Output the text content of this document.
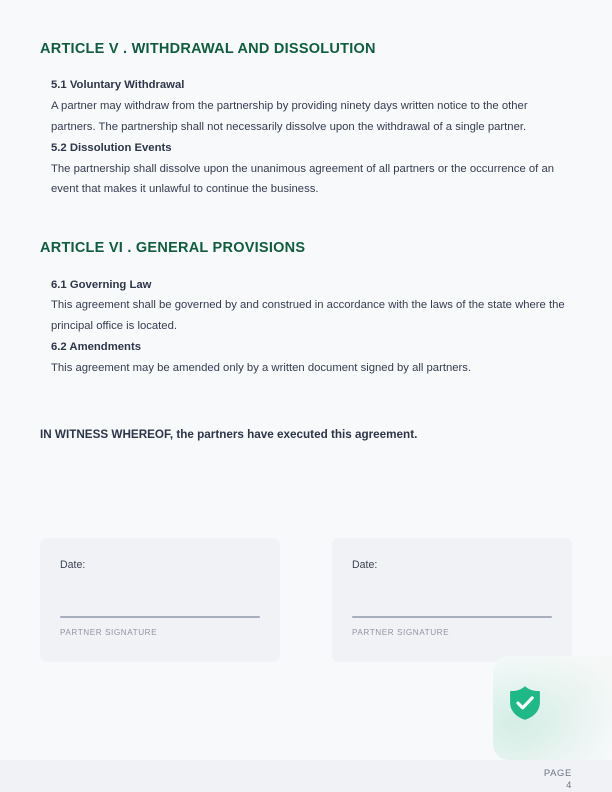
ARTICLE V . WITHDRAWAL AND DISSOLUTION

5.1 Voluntary Withdrawal

A partner may withdraw from the partnership by providing ninety days written notice to the other partners. The partnership shall not necessarily dissolve upon the withdrawal of a single partner.

5.2 Dissolution Events

The partnership shall dissolve upon the unanimous agreement of all partners or the occurrence of an event that makes it unlawful to continue the business.

ARTICLE VI . GENERAL PROVISIONS

6.1 Governing Law

This agreement shall be governed by and construed in accordance with the laws of the state where the principal office is located.

6.2 Amendments

This agreement may be amended only by a written document signed by all partners.

IN WITNESS WHEREOF, the partners have executed this agreement.

Date:

PARTNER SIGNATURE

Date:

PARTNER SIGNATURE

PAGE
4
